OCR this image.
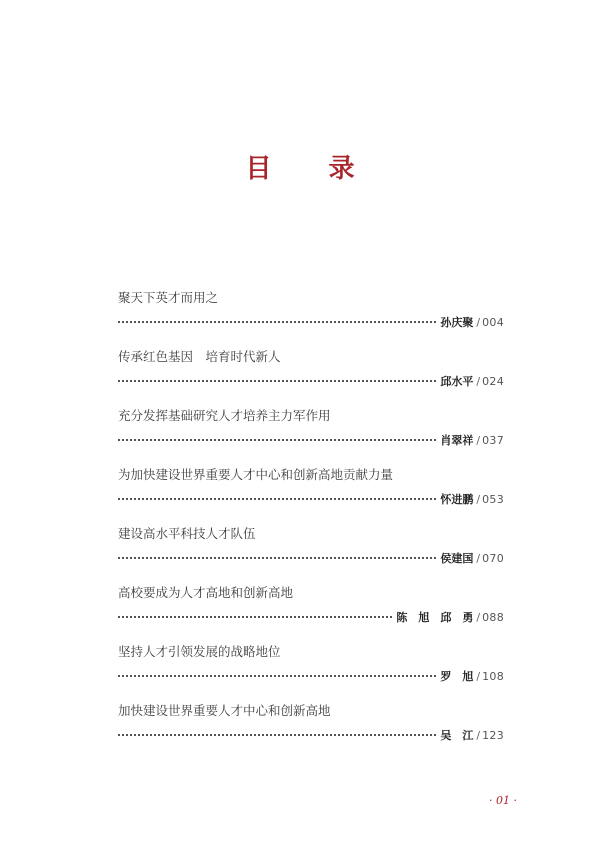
目 录
聚天下英才而用之
孙庆聚 / 004
传承红色基因　培育时代新人
邱水平 / 024
充分发挥基础研究人才培养主力军作用
肖翠祥 / 037
为加快建设世界重要人才中心和创新高地贡献力量
怀进鹏 / 053
建设高水平科技人才队伍
侯建国 / 070
高校要成为人才高地和创新高地
陈　旭　邱　勇 / 088
坚持人才引领发展的战略地位
罗　旭 / 108
加快建设世界重要人才中心和创新高地
吴　江 / 123
· 01 ·
